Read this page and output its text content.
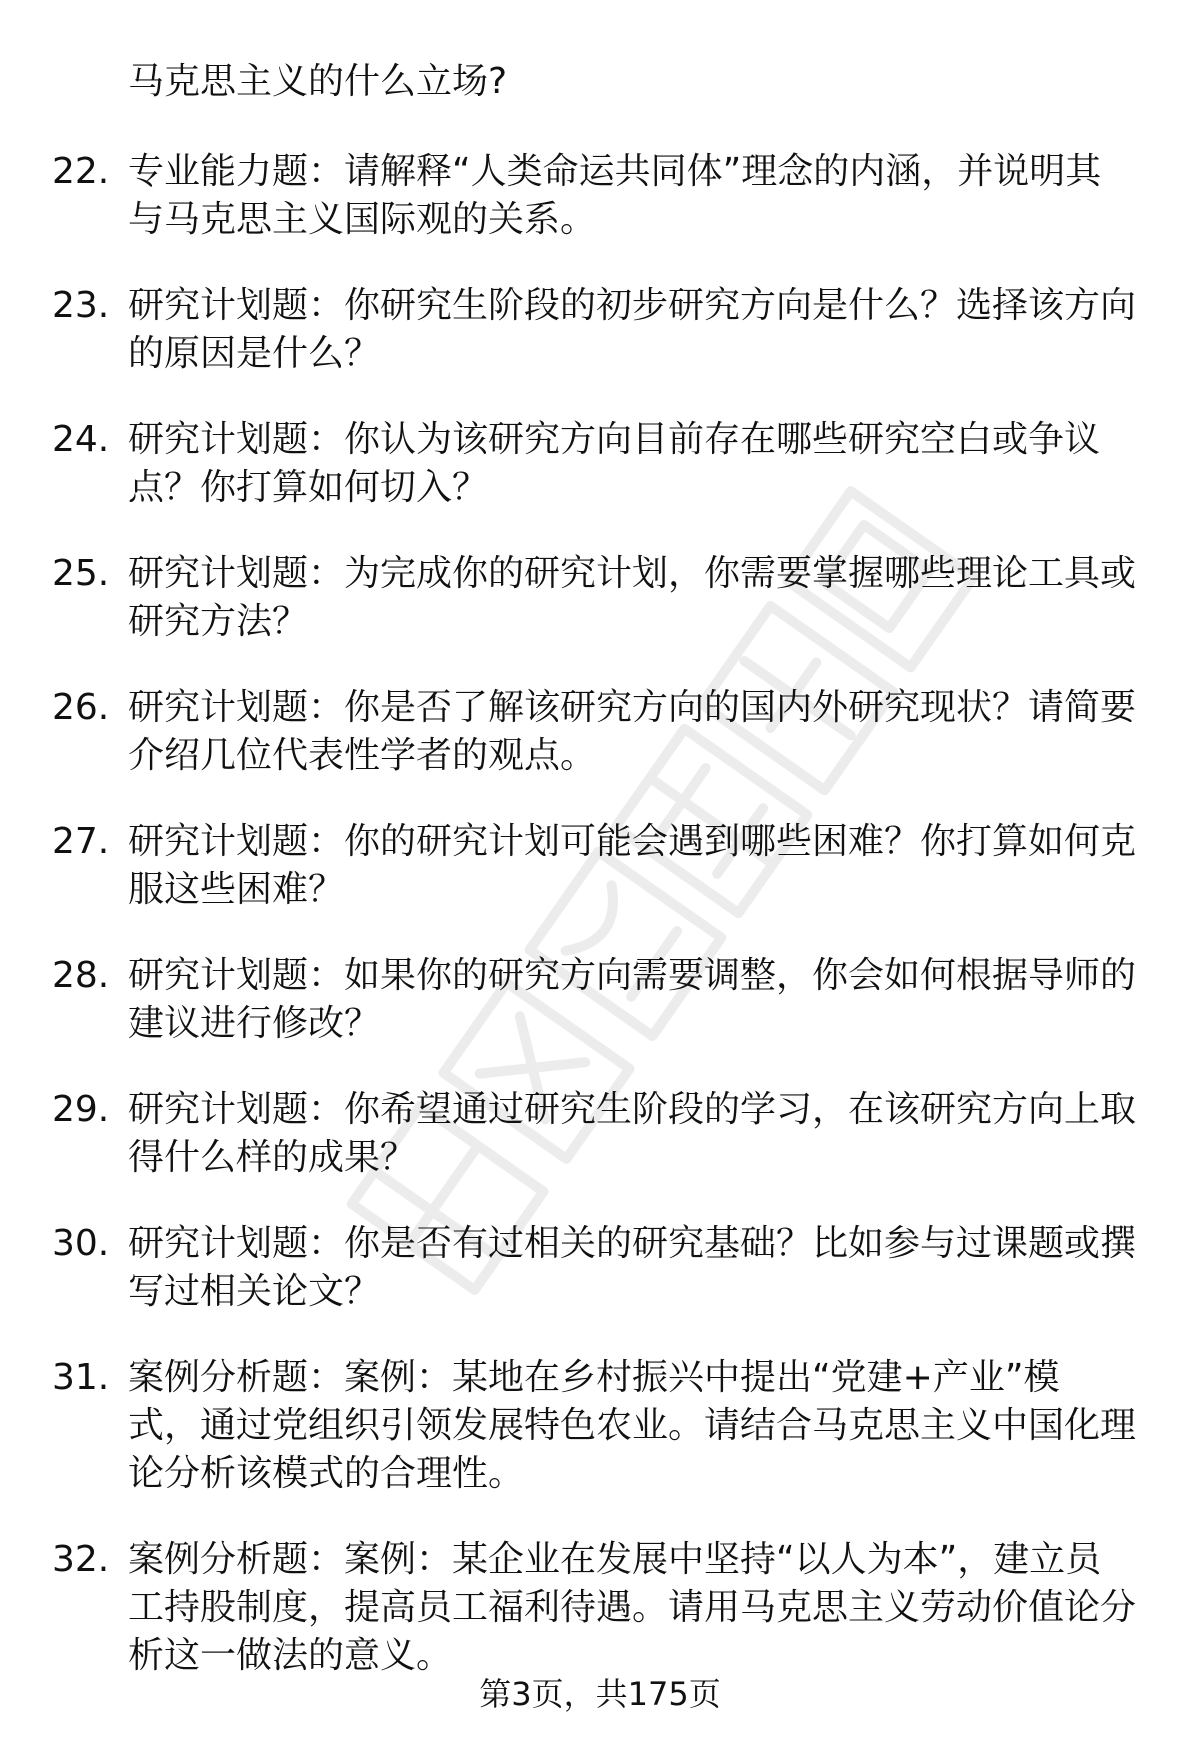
马克思主义的什么立场?
22. 专业能力题：请解释“人类命运共同体”理念的内涵，并说明其
与马克思主义国际观的关系。
23. 研究计划题：你研究生阶段的初步研究方向是什么？选择该方向
的原因是什么？
24. 研究计划题：你认为该研究方向目前存在哪些研究空白或争议
点？你打算如何切入？
25. 研究计划题：为完成你的研究计划，你需要掌握哪些理论工具或
研究方法？
26. 研究计划题：你是否了解该研究方向的国内外研究现状？请简要
介绍几位代表性学者的观点。
27. 研究计划题：你的研究计划可能会遇到哪些困难？你打算如何克
服这些困难？
28. 研究计划题：如果你的研究方向需要调整，你会如何根据导师的
建议进行修改？
29. 研究计划题：你希望通过研究生阶段的学习，在该研究方向上取
得什么样的成果？
30. 研究计划题：你是否有过相关的研究基础？比如参与过课题或撰
写过相关论文？
31. 案例分析题：案例：某地在乡村振兴中提出“党建+产业”模
式，通过党组织引领发展特色农业。请结合马克思主义中国化理
论分析该模式的合理性。
32. 案例分析题：案例：某企业在发展中坚持“以人为本”，建立员
工持股制度，提高员工福利待遇。请用马克思主义劳动价值论分
析这一做法的意义。
第3页，共175页
